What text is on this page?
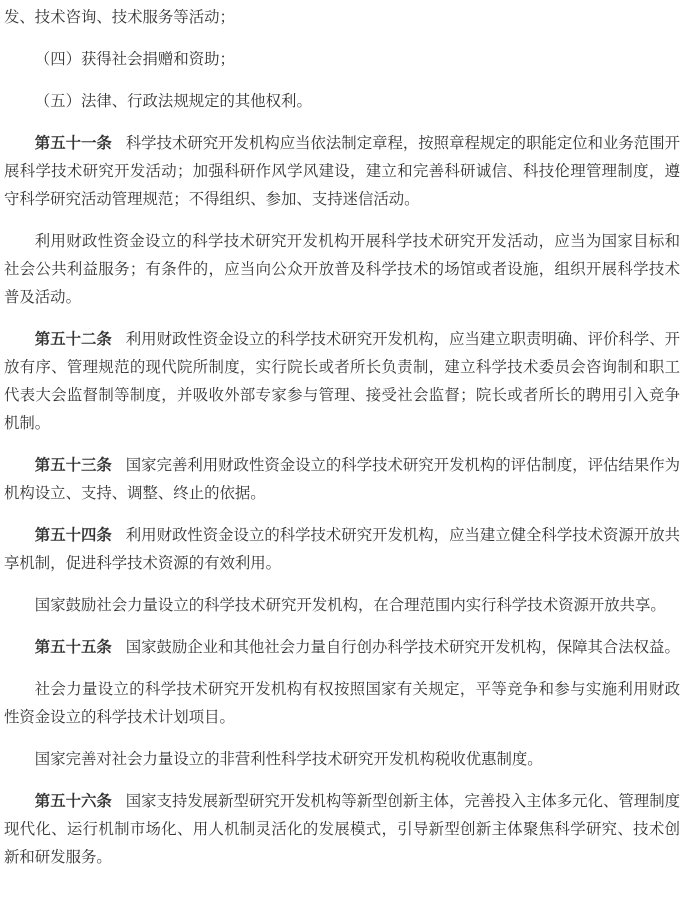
发、技术咨询、技术服务等活动；

（四）获得社会捐赠和资助；

（五）法律、行政法规规定的其他权利。

第五十一条 科学技术研究开发机构应当依法制定章程，按照章程规定的职能定位和业务范围开展科学技术研究开发活动；加强科研作风学风建设，建立和完善科研诚信、科技伦理管理制度，遵守科学研究活动管理规范；不得组织、参加、支持迷信活动。

利用财政性资金设立的科学技术研究开发机构开展科学技术研究开发活动，应当为国家目标和社会公共利益服务；有条件的，应当向公众开放普及科学技术的场馆或者设施，组织开展科学技术普及活动。

第五十二条 利用财政性资金设立的科学技术研究开发机构，应当建立职责明确、评价科学、开放有序、管理规范的现代院所制度，实行院长或者所长负责制，建立科学技术委员会咨询制和职工代表大会监督制等制度，并吸收外部专家参与管理、接受社会监督；院长或者所长的聘用引入竞争机制。

第五十三条 国家完善利用财政性资金设立的科学技术研究开发机构的评估制度，评估结果作为机构设立、支持、调整、终止的依据。

第五十四条 利用财政性资金设立的科学技术研究开发机构，应当建立健全科学技术资源开放共享机制，促进科学技术资源的有效利用。

国家鼓励社会力量设立的科学技术研究开发机构，在合理范围内实行科学技术资源开放共享。

第五十五条 国家鼓励企业和其他社会力量自行创办科学技术研究开发机构，保障其合法权益。

社会力量设立的科学技术研究开发机构有权按照国家有关规定，平等竞争和参与实施利用财政性资金设立的科学技术计划项目。

国家完善对社会力量设立的非营利性科学技术研究开发机构税收优惠制度。

第五十六条 国家支持发展新型研究开发机构等新型创新主体，完善投入主体多元化、管理制度现代化、运行机制市场化、用人机制灵活化的发展模式，引导新型创新主体聚焦科学研究、技术创新和研发服务。
